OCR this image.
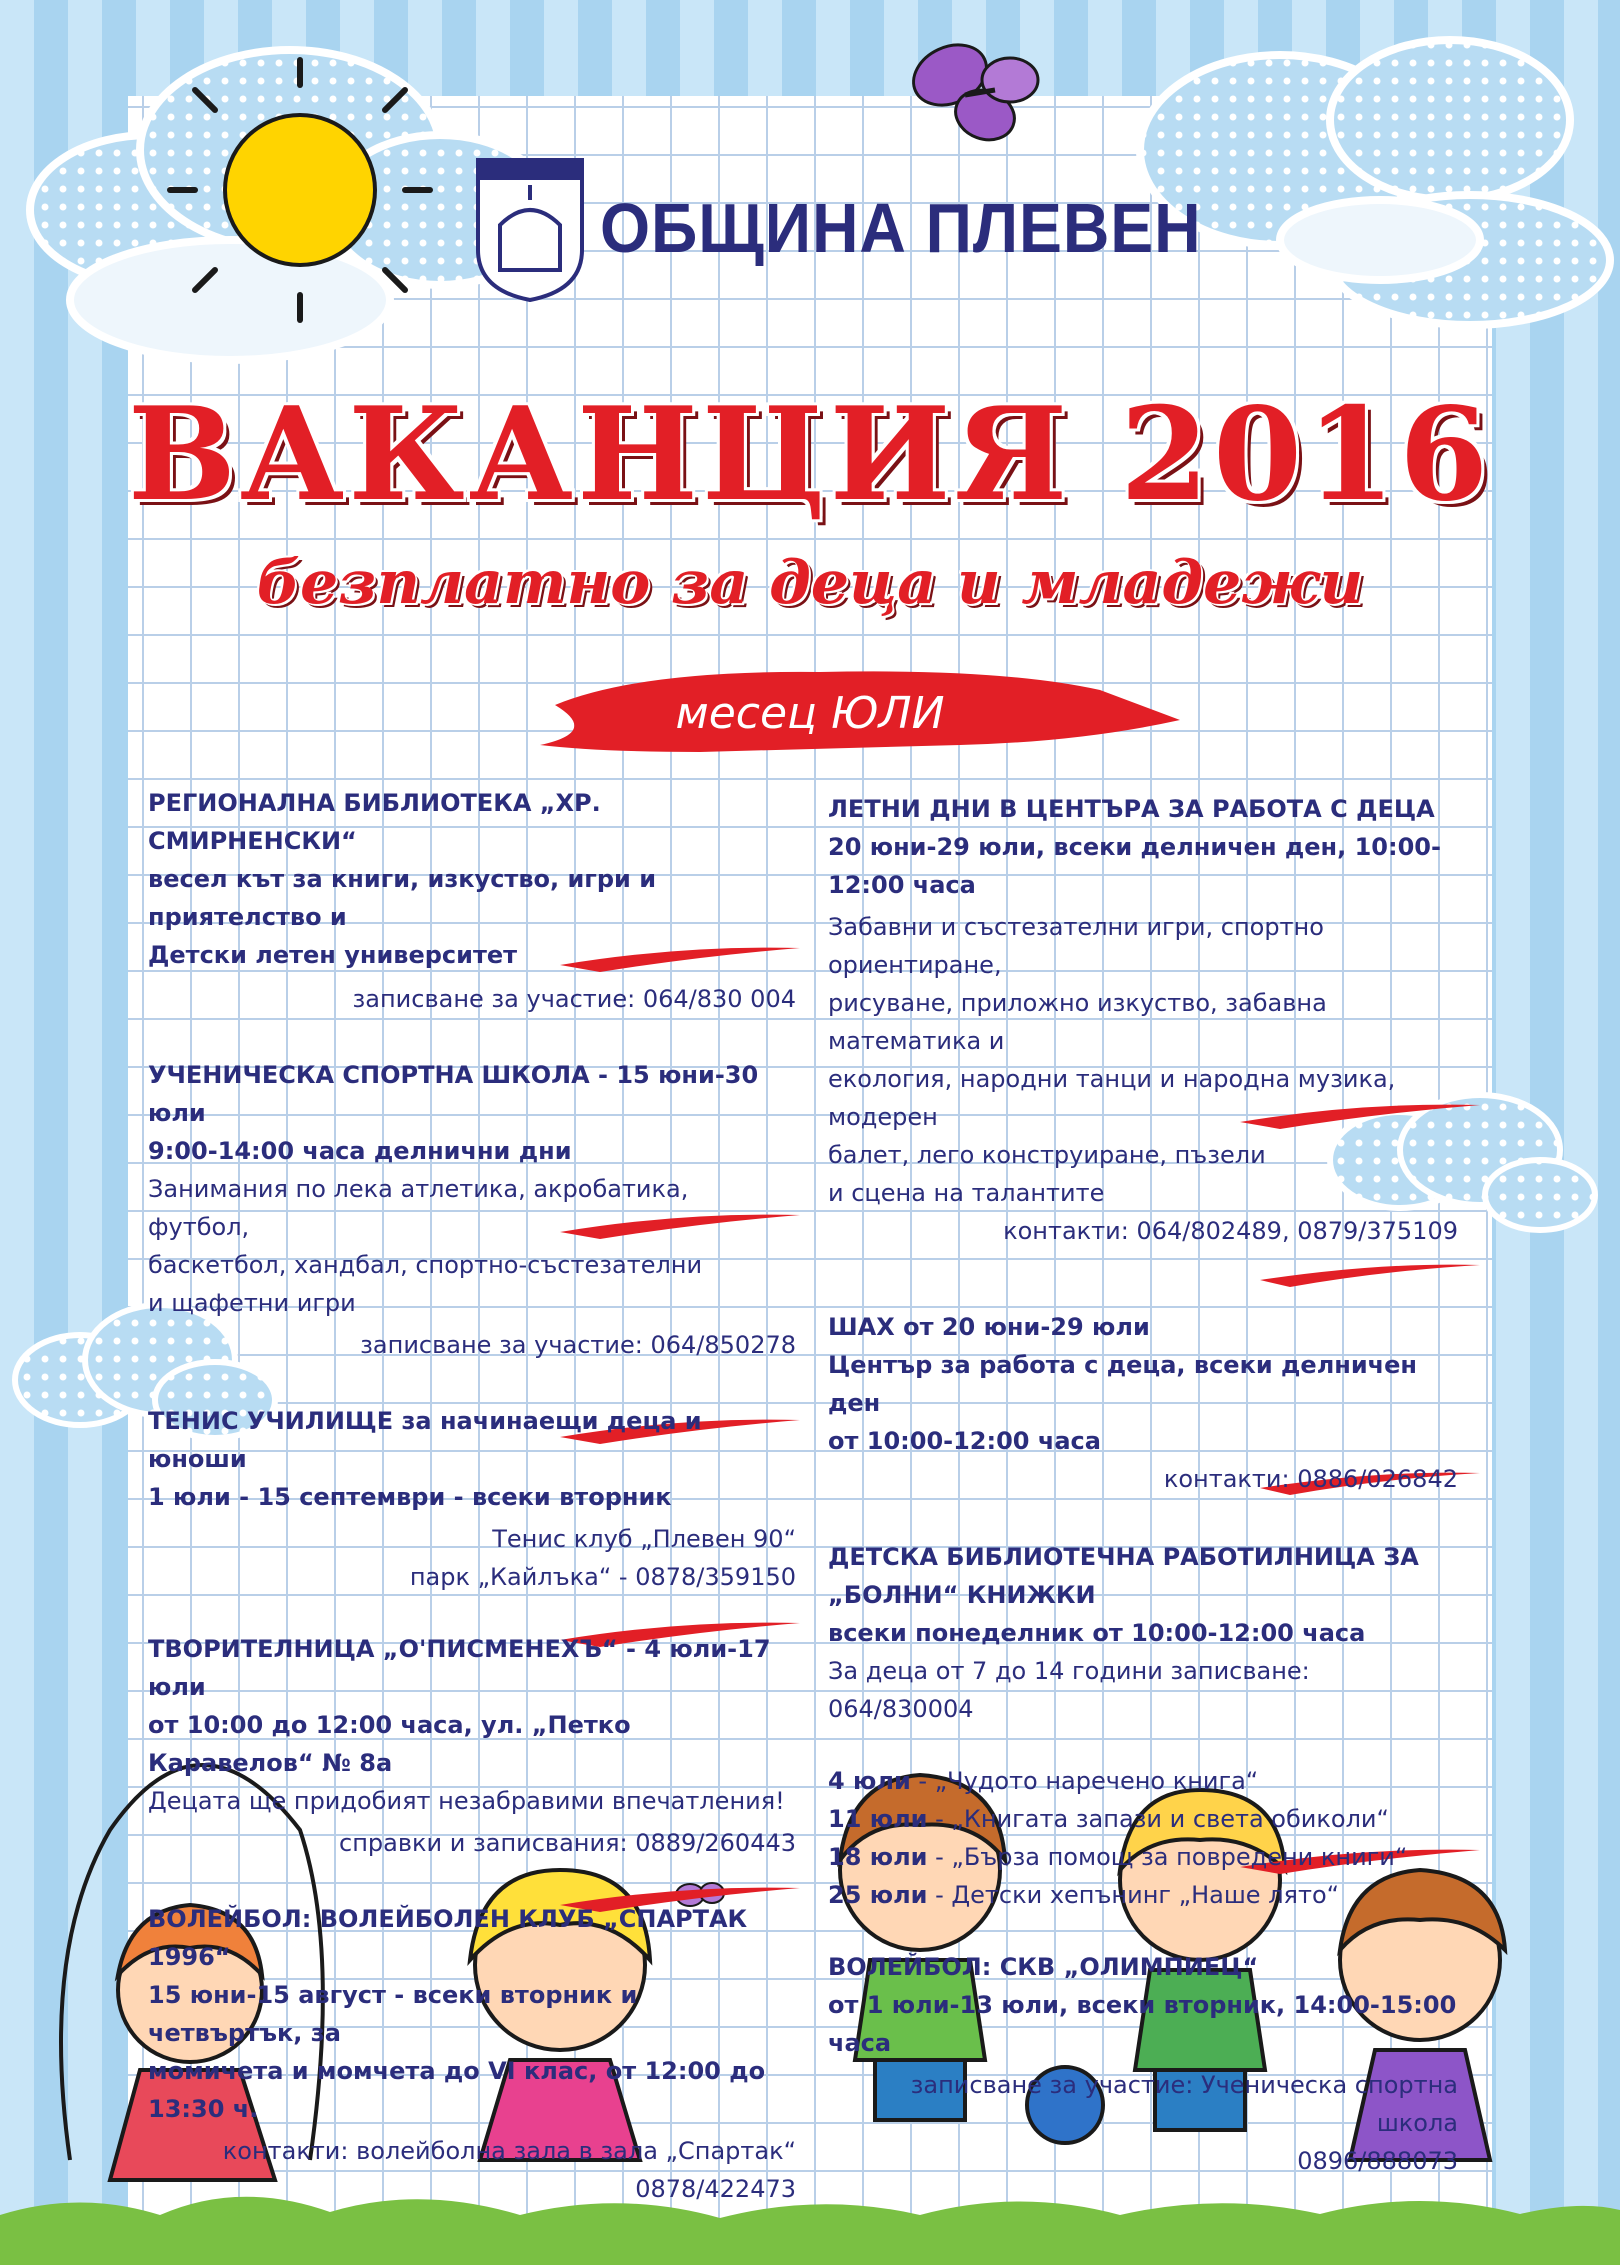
ОБЩИНА ПЛЕВЕН
ВАКАНЦИЯ 2016
безплатно за деца и младежи
месец ЮЛИ

РЕГИОНАЛНА БИБЛИОТЕКА „ХР. СМИРНЕНСКИ“

весел кът за книги, изкуство, игри и приятелство и

Детски летен университет

записване за участие: 064/830 004

УЧЕНИЧЕСКА СПОРТНА ШКОЛА - 15 юни-30 юли

9:00-14:00 часа делнични дни

Занимания по лека атлетика, акробатика, футбол,

баскетбол, хандбал, спортно-състезателни

и щафетни игри

записване за участие: 064/850278

ТЕНИС УЧИЛИЩЕ за начинаещи деца и юноши

1 юли - 15 септември - всеки вторник

Тенис клуб „Плевен 90“

парк „Кайлъка“ - 0878/359150

ТВОРИТЕЛНИЦА „О'ПИСМЕНЕХЪ“ - 4 юли-17 юли

от 10:00 до 12:00 часа, ул. „Петко Каравелов“ № 8а

Децата ще придобият незабравими впечатления!

справки и записвания: 0889/260443

ВОЛЕЙБОЛ: ВОЛЕЙБОЛЕН КЛУБ „СПАРТАК 1996“

15 юни-15 август - всеки вторник и четвъртък, за

момичета и момчета до VI клас, от 12:00 до 13:30 ч.

контакти: волейболна зала в зала „Спартак“

0878/422473

ЛЕТНИ ДНИ В ЦЕНТЪРА ЗА РАБОТА С ДЕЦА

20 юни-29 юли, всеки делничен ден, 10:00-12:00 часа

Забавни и състезателни игри, спортно ориентиране,

рисуване, приложно изкуство, забавна математика и

екология, народни танци и народна музика, модерен

балет, лего конструиране, пъзели

и сцена на талантите

контакти: 064/802489, 0879/375109

ШАХ от 20 юни-29 юли

Център за работа с деца, всеки делничен ден

от 10:00-12:00 часа

контакти: 0886/026842

ДЕТСКА БИБЛИОТЕЧНА РАБОТИЛНИЦА ЗА

„БОЛНИ“ КНИЖКИ

всеки понеделник от 10:00-12:00 часа

За деца от 7 до 14 години записване: 064/830004

4 юли - „Чудото наречено книга“

11 юли - „Книгата запази и света обиколи“

18 юли - „Бърза помощ за повредени книги“

25 юли - Детски хепънинг „Наше лято“

ВОЛЕЙБОЛ: СКВ „ОЛИМПИЕЦ“

от 1 юли-13 юли, всеки вторник, 14:00-15:00 часа

записване за участие: Ученическа спортна школа

0896/888073
